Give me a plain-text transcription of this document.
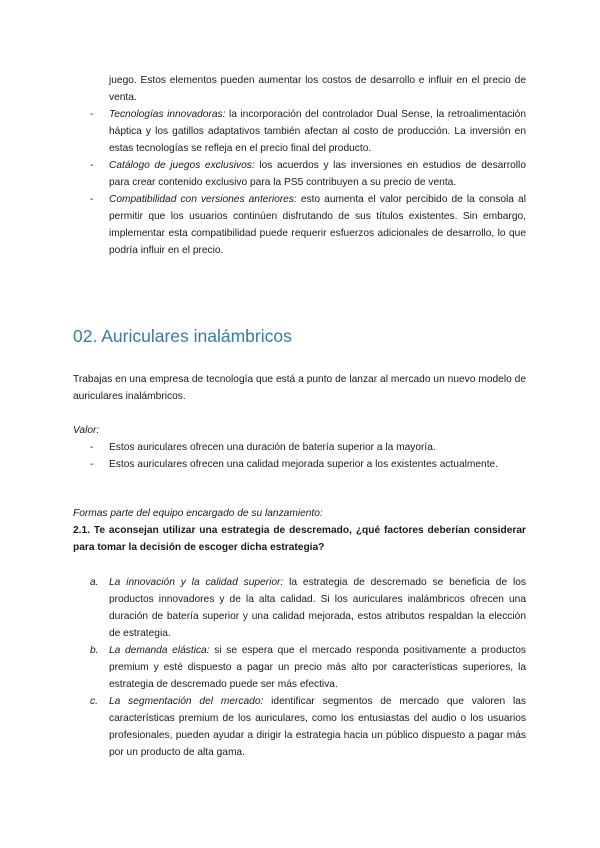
juego. Estos elementos pueden aumentar los costos de desarrollo e influir en el precio de venta.
- Tecnologías innovadoras: la incorporación del controlador Dual Sense, la retroalimentación háptica y los gatillos adaptativos también afectan al costo de producción. La inversión en estas tecnologías se refleja en el precio final del producto.
- Catálogo de juegos exclusivos: los acuerdos y las inversiones en estudios de desarrollo para crear contenido exclusivo para la PS5 contribuyen a su precio de venta.
- Compatibilidad con versiones anteriores: esto aumenta el valor percibido de la consola al permitir que los usuarios continúen disfrutando de sus títulos existentes. Sin embargo, implementar esta compatibilidad puede requerir esfuerzos adicionales de desarrollo, lo que podría influir en el precio.
02. Auriculares inalámbricos
Trabajas en una empresa de tecnología que está a punto de lanzar al mercado un nuevo modelo de auriculares inalámbricos.
Valor:
- Estos auriculares ofrecen una duración de batería superior a la mayoría.
- Estos auriculares ofrecen una calidad mejorada superior a los existentes actualmente.
Formas parte del equipo encargado de su lanzamiento:
2.1. Te aconsejan utilizar una estrategia de descremado, ¿qué factores deberían considerar para tomar la decisión de escoger dicha estrategia?
a. La innovación y la calidad superior: la estrategia de descremado se beneficia de los productos innovadores y de la alta calidad. Si los auriculares inalámbricos ofrecen una duración de batería superior y una calidad mejorada, estos atributos respaldan la elección de estrategia.
b. La demanda elástica: si se espera que el mercado responda positivamente a productos premium y esté dispuesto a pagar un precio más alto por características superiores, la estrategia de descremado puede ser más efectiva.
c. La segmentación del mercado: identificar segmentos de mercado que valoren las características premium de los auriculares, como los entusiastas del audio o los usuarios profesionales, pueden ayudar a dirigir la estrategia hacia un público dispuesto a pagar más por un producto de alta gama.
